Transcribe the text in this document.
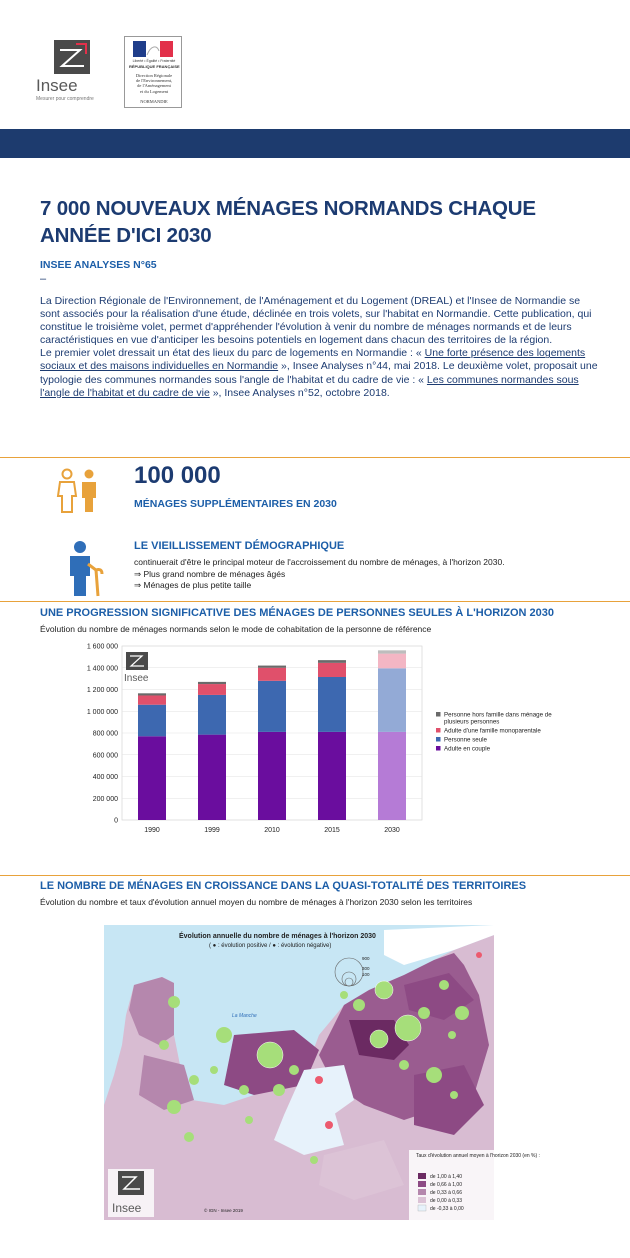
Insee
Mesurer pour comprendre
Liberté • Égalité • Fraternité
RÉPUBLIQUE FRANÇAISE
Direction Régionale
de l'Environnement,
de l'Aménagement
et du Logement
NORMANDIE
7 000 NOUVEAUX MÉNAGES NORMANDS CHAQUE ANNÉE D'ICI 2030
INSEE ANALYSES N°65
–

La Direction Régionale de l'Environnement, de l'Aménagement et du Logement (DREAL) et l'Insee de Normandie se sont associés pour la réalisation d'une étude, déclinée en trois volets, sur l'habitat en Normandie. Cette publication, qui constitue le troisième volet, permet d'appréhender l'évolution à venir du nombre de ménages normands et de leurs caractéristiques en vue d'anticiper les besoins potentiels en logement dans chacun des territoires de la région.

Le premier volet dressait un état des lieux du parc de logements en Normandie : « Une forte présence des logements sociaux et des maisons individuelles en Normandie », Insee Analyses n°44, mai 2018. Le deuxième volet, proposait une typologie des communes normandes sous l'angle de l'habitat et du cadre de vie : « Les communes normandes sous l'angle de l'habitat et du cadre de vie », Insee Analyses n°52, octobre 2018.

100 000
MÉNAGES SUPPLÉMENTAIRES EN 2030
LE VIEILLISSEMENT DÉMOGRAPHIQUE
continuerait d'être le principal moteur de l'accroissement du nombre de ménages, à l'horizon 2030.
⇒ Plus grand nombre de ménages âgés
⇒ Ménages de plus petite taille
UNE PROGRESSION SIGNIFICATIVE DES MÉNAGES DE PERSONNES SEULES À L'HORIZON 2030
Évolution du nombre de ménages normands selon le mode de cohabitation de la personne de référence
0
200 000
400 000
600 000
800 000
1 000 000
1 200 000
1 400 000
1 600 000
1990	1999	2010	2015	2030
Personne hors famille dans ménage de plusieurs personnes
Adulte d'une famille monoparentale
Personne seule
Adulte en couple
Insee
LE NOMBRE DE MÉNAGES EN CROISSANCE DANS LA QUASI-TOTALITÉ DES TERRITOIRES
Évolution du nombre et taux d'évolution annuel moyen du nombre de ménages à l'horizon 2030 selon les territoires
Évolution annuelle du nombre de ménages à l'horizon 2030
( ● : évolution positive / ● : évolution négative)
900
300
100
La Manche
Taux d'évolution annuel moyen à l'horizon 2030 (en %) :
de 1,00 à 1,40
de 0,66 à 1,00
de 0,33 à 0,66
de 0,00 à 0,33
de -0,33 à 0,00
© IGN - Insee 2019
Insee
